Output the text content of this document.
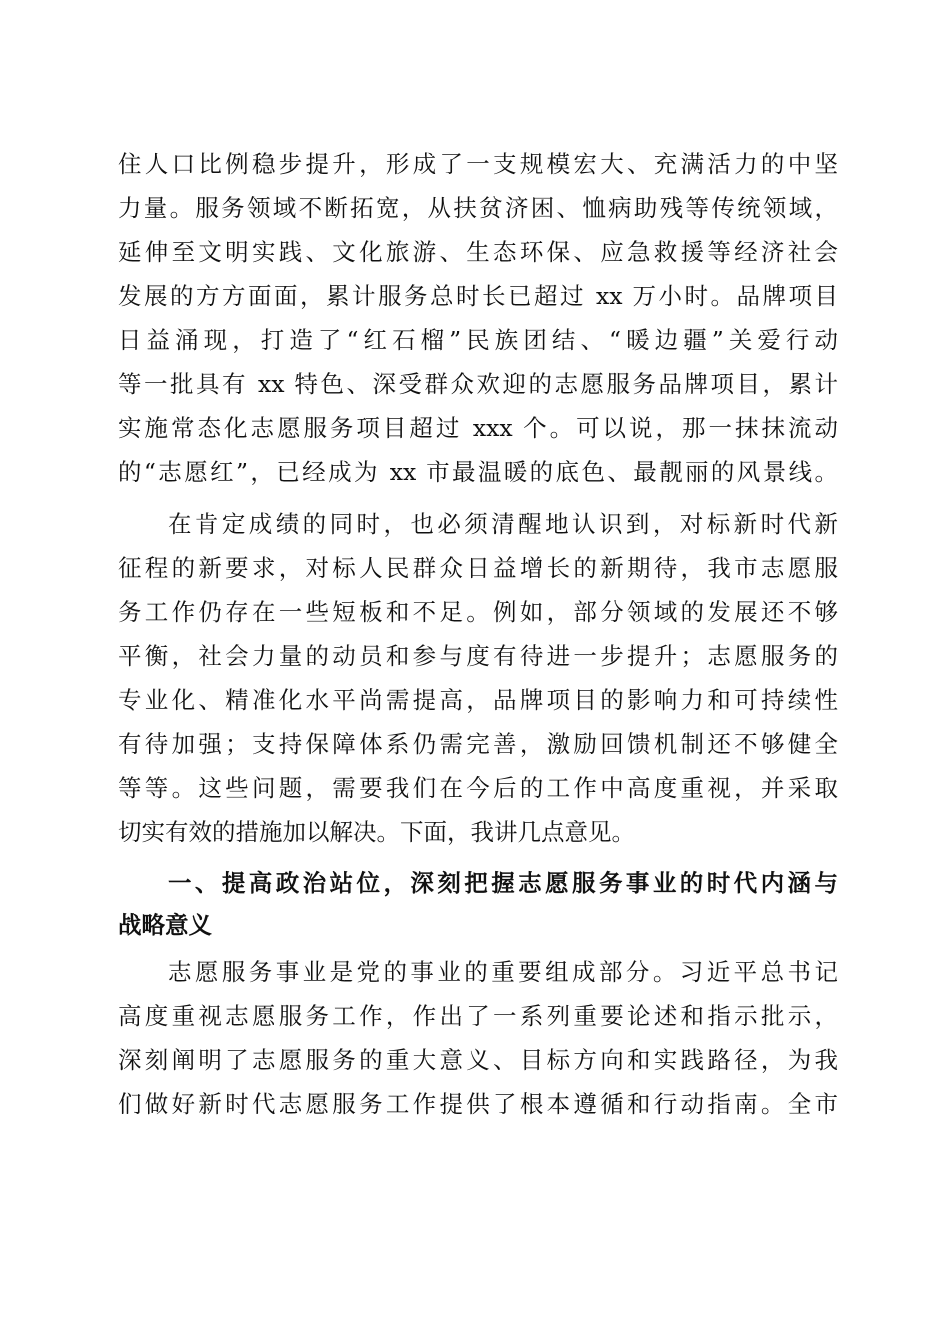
住人口比例稳步提升，形成了一支规模宏大、充满活力的中坚
力量。服务领域不断拓宽，从扶贫济困、恤病助残等传统领域，
延伸至文明实践、文化旅游、生态环保、应急救援等经济社会
发展的方方面面，累计服务总时长已超过 xx 万小时。品牌项目
日益涌现，打造了“红石榴”民族团结、“暖边疆”关爱行动
等一批具有 xx 特色、深受群众欢迎的志愿服务品牌项目，累计
实施常态化志愿服务项目超过 xxx 个。可以说，那一抹抹流动
的“志愿红”，已经成为 xx 市最温暖的底色、最靓丽的风景线。
在肯定成绩的同时，也必须清醒地认识到，对标新时代新
征程的新要求，对标人民群众日益增长的新期待，我市志愿服
务工作仍存在一些短板和不足。例如，部分领域的发展还不够
平衡，社会力量的动员和参与度有待进一步提升；志愿服务的
专业化、精准化水平尚需提高，品牌项目的影响力和可持续性
有待加强；支持保障体系仍需完善，激励回馈机制还不够健全
等等。这些问题，需要我们在今后的工作中高度重视，并采取
切实有效的措施加以解决。下面，我讲几点意见。
一、提高政治站位，深刻把握志愿服务事业的时代内涵与
战略意义
志愿服务事业是党的事业的重要组成部分。习近平总书记
高度重视志愿服务工作，作出了一系列重要论述和指示批示，
深刻阐明了志愿服务的重大意义、目标方向和实践路径，为我
们做好新时代志愿服务工作提供了根本遵循和行动指南。全市
